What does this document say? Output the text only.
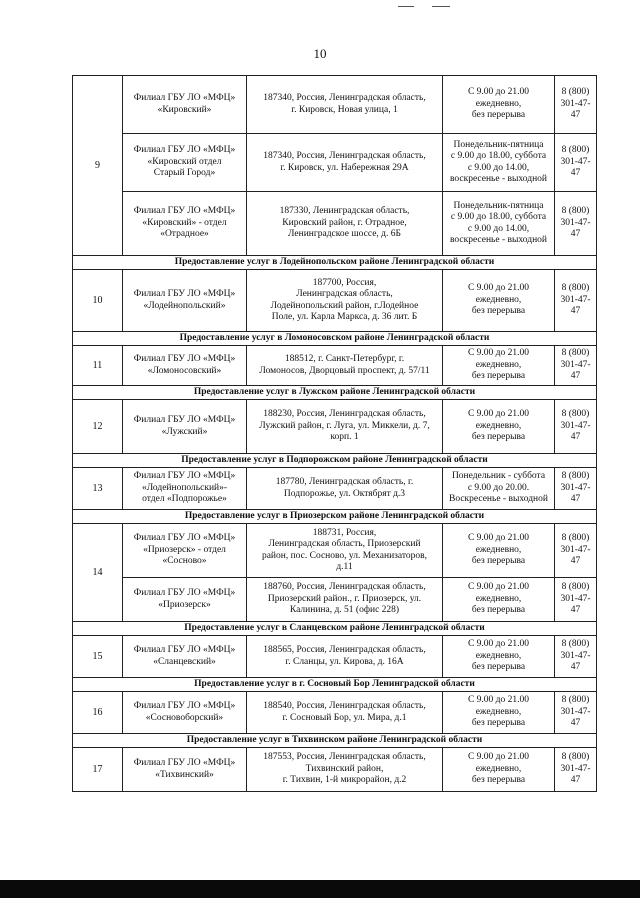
10
9	Филиал ГБУ ЛО «МФЦ»
«Кировский»	187340, Россия, Ленинградская область,
г. Кировск, Новая улица, 1	С 9.00 до 21.00
ежедневно,
без перерыва	8 (800)
301-47-47
	Филиал ГБУ ЛО «МФЦ»
«Кировский отдел
Старый Город»	187340, Россия, Ленинградская область,
г. Кировск, ул. Набережная 29А	Понедельник-пятница
с 9.00 до 18.00, суббота
с 9.00 до 14.00,
воскресенье - выходной	8 (800)
301-47-47
	Филиал ГБУ ЛО «МФЦ»
«Кировский» - отдел
«Отрадное»	187330, Ленинградская область,
Кировский район, г. Отрадное,
Ленинградское шоссе, д. 6Б	Понедельник-пятница
с 9.00 до 18.00, суббота
с 9.00 до 14.00,
воскресенье - выходной	8 (800)
301-47-47
Предоставление услуг в Лодейнопольском районе Ленинградской области				
10	Филиал ГБУ ЛО «МФЦ»
«Лодейнопольский»	187700, Россия,
Ленинградская область,
Лодейнопольский район, г.Лодейное
Поле, ул. Карла Маркса, д. 36 лит. Б	С 9.00 до 21.00
ежедневно,
без перерыва	8 (800)
301-47-47
Предоставление услуг в Ломоносовском районе Ленинградской области				
11	Филиал ГБУ ЛО «МФЦ»
«Ломоносовский»	188512, г. Санкт-Петербург, г.
Ломоносов, Дворцовый проспект, д. 57/11	С 9.00 до 21.00
ежедневно,
без перерыва	8 (800)
301-47-47
Предоставление услуг в Лужском районе Ленинградской области				
12	Филиал ГБУ ЛО «МФЦ»
«Лужский»	188230, Россия, Ленинградская область,
Лужский район, г. Луга, ул. Миккели, д. 7,
корп. 1	С 9.00 до 21.00
ежедневно,
без перерыва	8 (800)
301-47-47
Предоставление услуг в Подпорожском районе Ленинградской области				
13	Филиал ГБУ ЛО «МФЦ»
«Лодейнопольский»-
отдел «Подпорожье»	187780, Ленинградская область, г.
Подпорожье, ул. Октябрят д.3	Понедельник - суббота
с 9.00 до 20.00.
Воскресенье - выходной	8 (800)
301-47-47
Предоставление услуг в Приозерском районе Ленинградской области				
14	Филиал ГБУ ЛО «МФЦ»
«Приозерск» - отдел
«Сосново»	188731, Россия,
Ленинградская область, Приозерский
район, пос. Сосново, ул. Механизаторов,
д.11	С 9.00 до 21.00
ежедневно,
без перерыва	8 (800)
301-47-47
	Филиал ГБУ ЛО «МФЦ»
«Приозерск»	188760, Россия, Ленинградская область,
Приозерский район., г. Приозерск, ул.
Калинина, д. 51 (офис 228)	С 9.00 до 21.00
ежедневно,
без перерыва	8 (800)
301-47-47
Предоставление услуг в Сланцевском районе Ленинградской области				
15	Филиал ГБУ ЛО «МФЦ»
«Сланцевский»	188565, Россия, Ленинградская область,
г. Сланцы, ул. Кирова, д. 16А	С 9.00 до 21.00
ежедневно,
без перерыва	8 (800)
301-47-47
Предоставление услуг в г. Сосновый Бор Ленинградской области				
16	Филиал ГБУ ЛО «МФЦ»
«Сосновоборский»	188540, Россия, Ленинградская область,
г. Сосновый Бор, ул. Мира, д.1	С 9.00 до 21.00
ежедневно,
без перерыва	8 (800)
301-47-47
Предоставление услуг в Тихвинском районе Ленинградской области				
17	Филиал ГБУ ЛО «МФЦ»
«Тихвинский»	187553, Россия, Ленинградская область,
Тихвинский район,
г. Тихвин, 1-й микрорайон, д.2	С 9.00 до 21.00
ежедневно,
без перерыва	8 (800)
301-47-47
